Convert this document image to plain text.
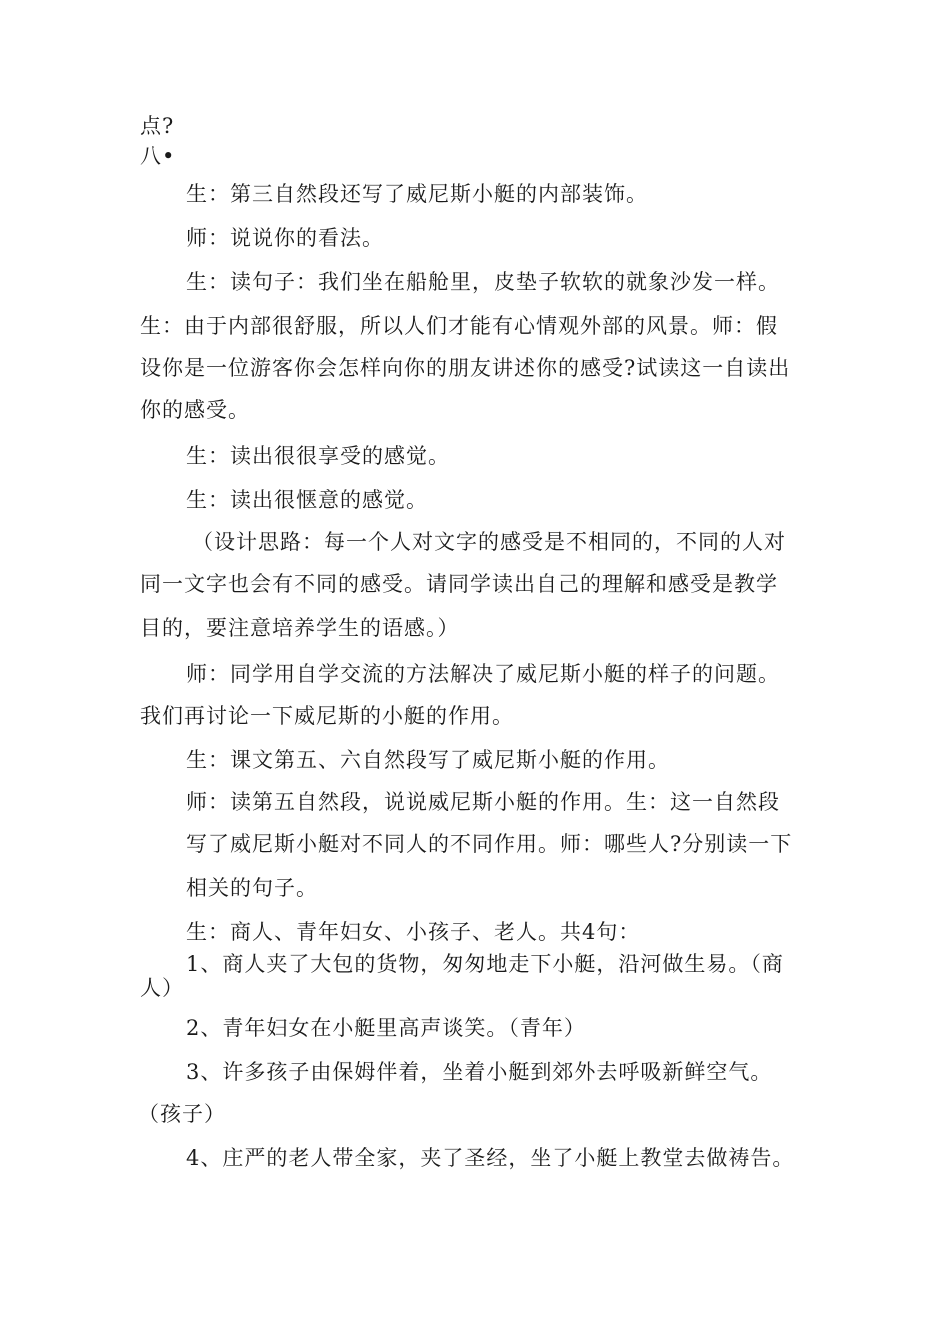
点?
八•
生：第三自然段还写了威尼斯小艇的内部装饰。
师：说说你的看法。
生：读句子：我们坐在船舱里，皮垫子软软的就象沙发一样。
生：由于内部很舒服，所以人们才能有心情观外部的风景。师：假
设你是一位游客你会怎样向你的朋友讲述你的感受?试读这一自读出
你的感受。
生：读出很很享受的感觉。
生：读出很惬意的感觉。
（设计思路：每一个人对文字的感受是不相同的，不同的人对
同一文字也会有不同的感受。请同学读出自己的理解和感受是教学
目的，要注意培养学生的语感。）
师：同学用自学交流的方法解决了威尼斯小艇的样子的问题。
我们再讨论一下威尼斯的小艇的作用。
生：课文第五、六自然段写了威尼斯小艇的作用。
师：读第五自然段，说说威尼斯小艇的作用。生：这一自然段
写了威尼斯小艇对不同人的不同作用。师：哪些人?分别读一下
相关的句子。
生：商人、青年妇女、小孩子、老人。共4句：
1、商人夹了大包的货物，匆匆地走下小艇，沿河做生易。（商
人）
2、青年妇女在小艇里高声谈笑。（青年）
3、许多孩子由保姆伴着，坐着小艇到郊外去呼吸新鲜空气。
（孩子）
4、庄严的老人带全家，夹了圣经，坐了小艇上教堂去做祷告。
